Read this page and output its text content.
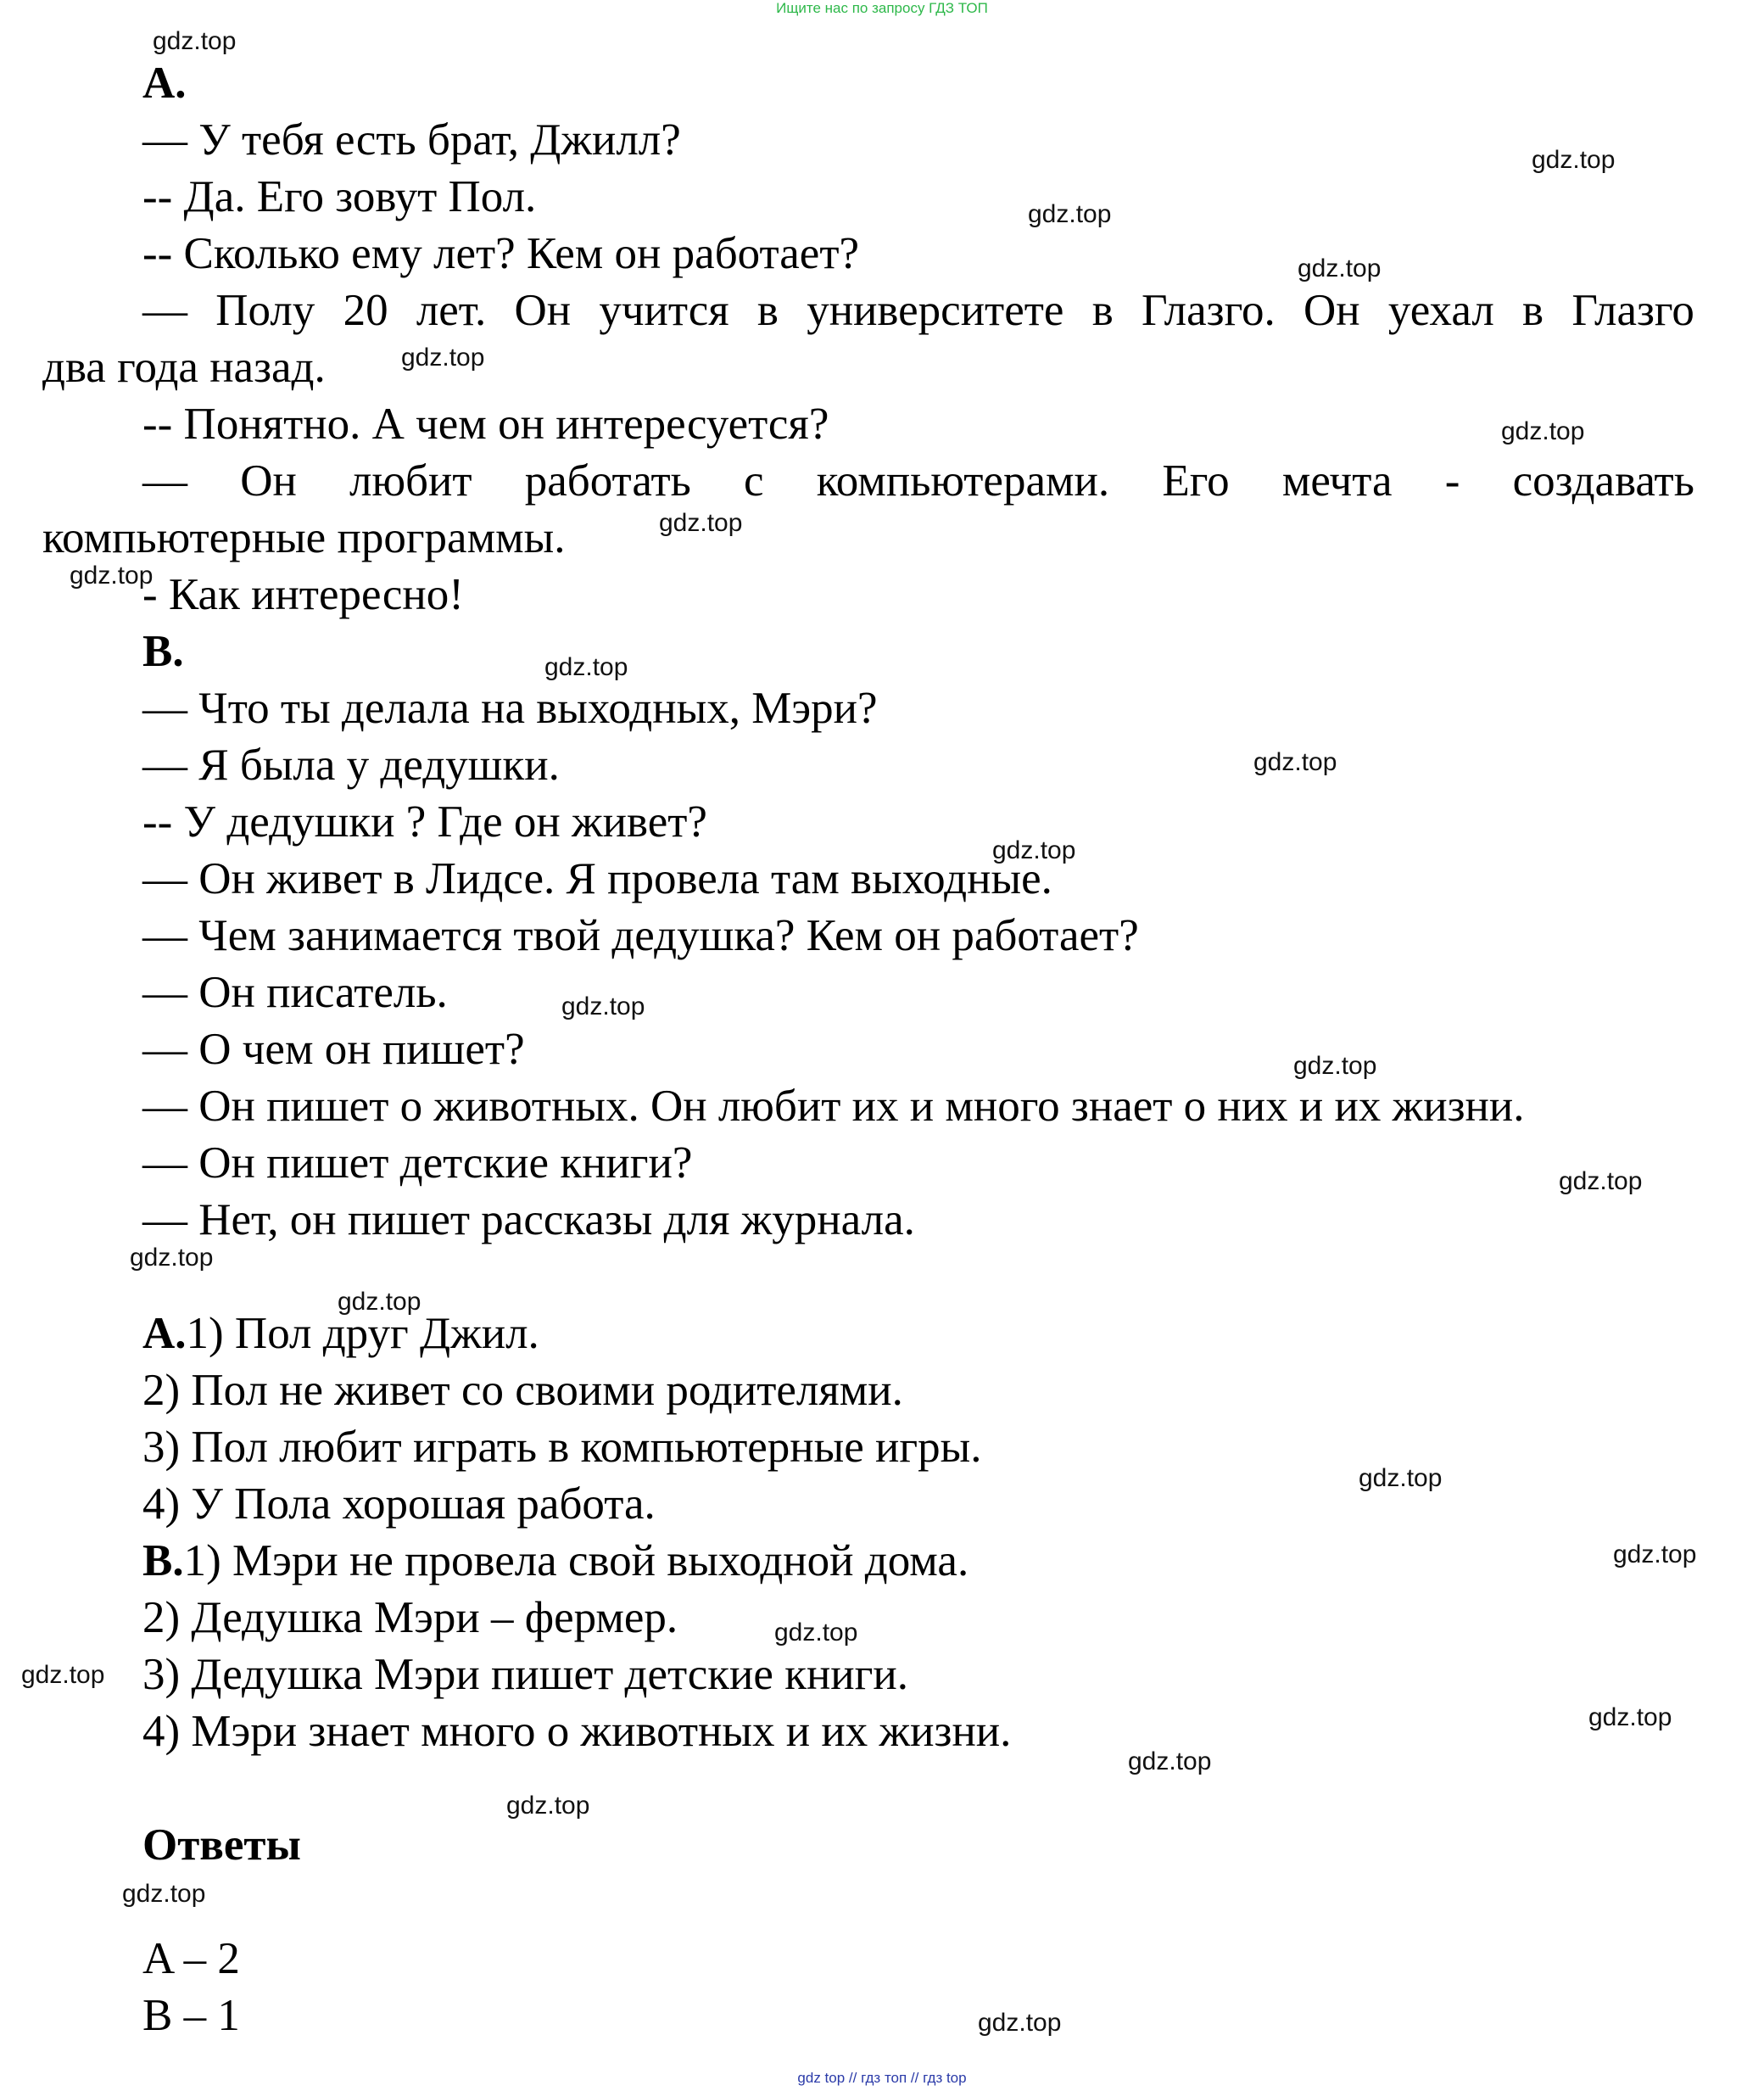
Ищите нас по запросу ГДЗ ТОП
A.
— У тебя есть брат, Джилл?
-- Да. Его зовут Пол.
-- Сколько ему лет? Кем он работает?
— Полу 20 лет. Он учится в университете в Глазго. Он уехал в Глазго
два года назад.
-- Понятно. А чем он интересуется?
— Он любит работать с компьютерами. Его мечта - создавать
компьютерные программы.
- Как интересно!
B.
— Что ты делала на выходных, Мэри?
— Я была у дедушки.
-- У дедушки ? Где он живет?
— Он живет в Лидсе. Я провела там выходные.
— Чем занимается твой дедушка? Кем он работает?
— Он писатель.
— О чем он пишет?
— Он пишет о животных. Он любит их и много знает о них и их жизни.
— Он пишет детские книги?
— Нет, он пишет рассказы для журнала.
A.1) Пол друг Джил.
2) Пол не живет со своими родителями.
3) Пол любит играть в компьютерные игры.
4) У Пола хорошая работа.
B.1) Мэри не провела свой выходной дома.
2) Дедушка Мэри – фермер.
3) Дедушка Мэри пишет детские книги.
4) Мэри знает много о животных и их жизни.
Ответы
A – 2
B – 1
gdz.top
gdz.top
gdz.top
gdz.top
gdz.top
gdz.top
gdz.top
gdz.top
gdz.top
gdz.top
gdz.top
gdz.top
gdz.top
gdz.top
gdz.top
gdz.top
gdz.top
gdz.top
gdz.top
gdz.top
gdz.top
gdz.top
gdz.top
gdz.top
gdz.top
gdz top // гдз топ // гдз top
